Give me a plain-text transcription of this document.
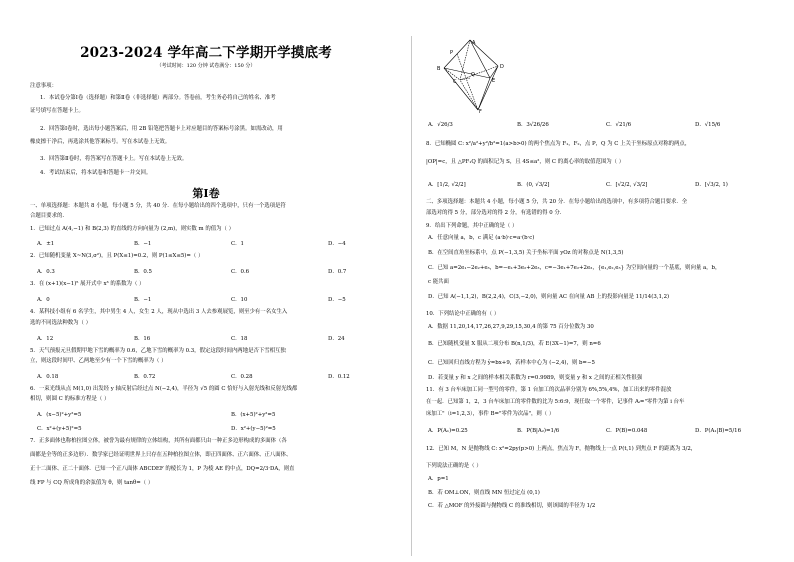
2023-2024 学年高二下学期开学摸底考
（考试时间：120 分钟 试卷满分：150 分）
注意事项：
1．本试卷分第Ⅰ卷（选择题）和第Ⅱ卷（非选择题）两部分。答卷前，考生务必将自己的姓名、准考
证号填写在答题卡上。
2．回答第Ⅰ卷时，选出每小题答案后，用 2B 铅笔把答题卡上对应题目的答案标号涂黑。如需改动，用
橡皮擦干净后，再选涂其他答案标号。写在本试卷上无效。
3．回答第Ⅱ卷时，将答案写在答题卡上。写在本试卷上无效。
4．考试结束后，将本试卷和答题卡一并交回。
第Ⅰ卷
一、单项选择题：本题共 8 小题，每小题 5 分，共 40 分．在每小题给出的四个选项中，只有一个选项是符
合题目要求的.
1．已知过点 A(4,−1) 和 B(2,3) 的直线的方向向量为 (2,m)，则实数 m 的值为（ ）
A．±1	B．−1	C．1	D．−4
2．已知随机变量 X~N(3,σ²)，且 P(X≤1)=0.2，则 P(1≤X≤5)=（ ）
A．0.3	B．0.5	C．0.6	D．0.7
3．在 (x+1)(x−1)⁵ 展开式中 x³ 的系数为（ ）
A．0	B．−1	C．10	D．−5
4．某科技小组有 6 名学生，其中男生 4 人，女生 2 人，现从中选出 3 人去参观展览，则至少有一名女生入
选的不同选法种数为（ ）
A．12	B．16	C．18	D．24
5．天气预报元旦假期甲地下雪的概率为 0.6，乙地下雪的概率为 0.3，假定这段时间内两地是否下雪相互独
立，则这段时间甲、乙两地至少有一个下雪的概率为（ ）
A．0.18	B．0.72	C．0.28	D．0.12
6．一束光线从点 M(1,0) 出发经 y 轴反射后经过点 N(−2,4)，半径为 √5 的圆 C 恰好与入射光线和反射光线都
相切，则圆 C 的标准方程是（ ）
A．(x−5)²+y²=5	B．(x+5)²+y²=5
C．x²+(y+5)²=5	D．x²+(y−5)²=5
7．正多面体也称柏拉图立体，被誉为最有规律的立体结构，其所有面都只由一种正多边形构成的多面体（各
面都是全等的正多边形）．数学家已经证明世界上只存在五种柏拉图立体，即正四面体、正六面体、正八面体、
正十二面体、正二十面体．已知一个正八面体 ABCDEF 的棱长为 1，P 为棱 AE 的中点，DQ=2/3·DA，则直
线 FP 与 CQ 所成角的余弦值为 θ，则 tanθ=（ ）
A
B
C
D
E
F
P
Q
A．√26/3	B．3√26/26	C．√21/6	D．√15/6
8．已知椭圆 C: x²/a²+y²/b²=1(a>b>0) 的两个焦点为 F₁，F₂，点 P，Q 为 C 上关于坐标原点对称的两点，
|OP|=c，且 △PF₁Q 的面积记为 S，且 4S≤a²，则 C 的离心率的取值范围为（ ）
A．[1/2, √2/2]	B．(0, √3/2]	C．[√2/2, √3/2]	D．[√3/2, 1)
二、多项选择题：本题共 4 小题，每小题 5 分，共 20 分．在每小题给出的选项中，有多项符合题目要求．全
部选对的得 5 分，部分选对的得 2 分，有选错的得 0 分．
9．给出下列命题，其中正确的是（ ）
A．任意向量 a，b，c 满足 (a·b)·c=a·(b·c)
B．在空间直角坐标系中，点 P(−1,3,5) 关于坐标平面 yOz 的对称点是 N(1,3,5)
C．已知 a=2e₁−2e₂+e₃，b=−e₁+3e₂+2e₃，c=−3e₁+7e₂+2e₃，{e₁,e₂,e₃} 为空间向量的一个基底，则向量 a，b，
c 能共面
D．已知 A(−1,1,2)，B(2,2,4)，C(3,−2,0)，则向量 AC 在向量 AB 上的投影向量是 11/14(3,1,2)
10．下列结论中正确的有（ ）
A．数据 11,20,14,17,26,27,9,29,15,30,4 的第 75 百分位数为 30
B．已知随机变量 X 服从二项分布 B(n,1/3)，若 E(3X−1)=7，则 n=6
C．已知回归直线方程为 ŷ=bx+9，若样本中心为 (−2,4)，则 b=−5
D．若变量 y 和 x 之间的样本相关系数为 r=0.9989，则变量 y 和 x 之间的正相关性很强
11．有 3 台车床加工同一型号的零件，第 1 台加工的次品率分别为 6%,5%,4%，加工出来的零件混放
在一起．已知第 1，2，3 台车床加工的零件数的比为 5:6:9，现任取一个零件，记事件 Aᵢ="零件为第 i 台车
床加工"（i=1,2,3），事件 B="零件为次品"，则（ ）
A．P(A₁)=0.25	B．P(B|A₂)=1/6	C．P(B)=0.048	D．P(A₁|B)=5/16
12．已知 M，N 是抛物线 C: x²=2py(p>0) 上两点，焦点为 F，抛物线上一点 P(t,1) 到焦点 F 的距离为 3/2，
下列说法正确的是（ ）
A．p=1
B．若 OM⊥ON，则直线 MN 恒过定点 (0,1)
C．若 △MOF 的外接圆与抛物线 C 的准线相切，则该圆的半径为 1/2
